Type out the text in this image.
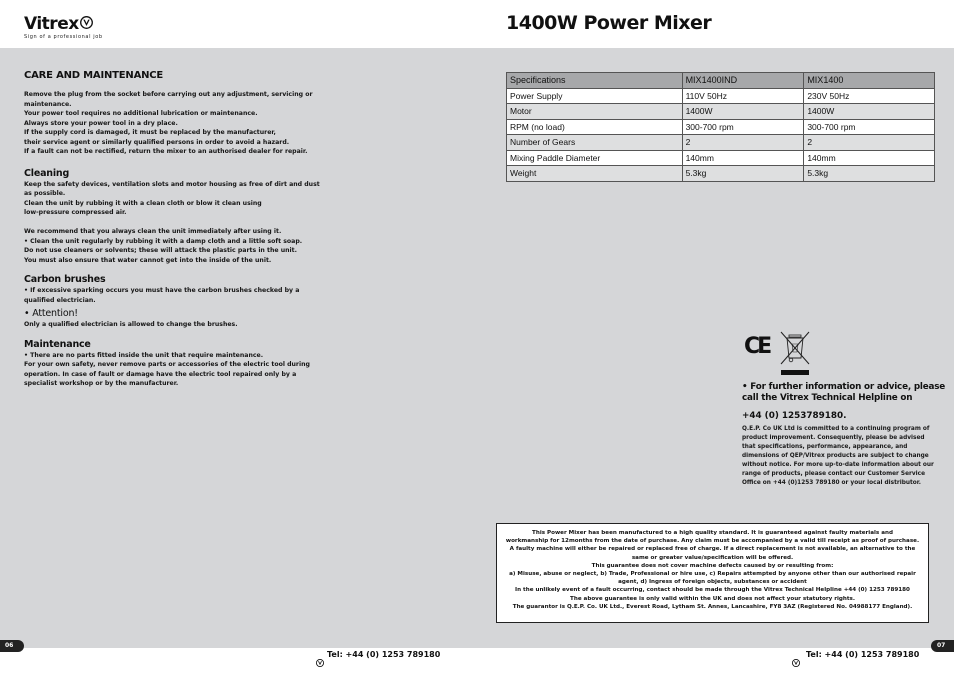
Vitrex
Sign of a professional job
1400W Power Mixer
CARE AND MAINTENANCE
Remove the plug from the socket before carrying out any adjustment, servicing or
maintenance.
Your power tool requires no additional lubrication or maintenance.
Always store your power tool in a dry place.
If the supply cord is damaged, it must be replaced by the manufacturer,
their service agent or similarly qualified persons in order to avoid a hazard.
If a fault can not be rectified, return the mixer to an authorised dealer for repair.
Cleaning
Keep the safety devices, ventilation slots and motor housing as free of dirt and dust
as possible.
Clean the unit by rubbing it with a clean cloth or blow it clean using
low-pressure compressed air.
We recommend that you always clean the unit immediately after using it.
• Clean the unit regularly by rubbing it with a damp cloth and a little soft soap.
Do not use cleaners or solvents; these will attack the plastic parts in the unit.
You must also ensure that water cannot get into the inside of the unit.
Carbon brushes
• If excessive sparking occurs you must have the carbon brushes checked by a
qualified electrician.
• Attention!
Only a qualified electrician is allowed to change the brushes.
Maintenance
• There are no parts fitted inside the unit that require maintenance.
For your own safety, never remove parts or accessories of the electric tool during
operation. In case of fault or damage have the electric tool repaired only by a
specialist workshop or by the manufacturer.
Specifications	MIX1400IND	MIX1400
Power Supply	110V 50Hz	230V 50Hz
Motor	1400W	1400W
RPM (no load)	300-700 rpm	300-700 rpm
Number of Gears	2	2
Mixing Paddle Diameter	140mm	140mm
Weight	5.3kg	5.3kg
CE
• For further information or advice, please call the Vitrex Technical Helpline on
+44 (0) 1253789180.
Q.E.P. Co UK Ltd is committed to a continuing program of product improvement. Consequently, please be advised that specifications, performance, appearance, and dimensions of QEP/Vitrex products are subject to change without notice. For more up-to-date information about our range of products, please contact our Customer Service Office on +44 (0)1253 789180 or your local distributor.
This Power Mixer has been manufactured to a high quality standard. It is guaranteed against faulty materials and
workmanship for 12months from the date of purchase. Any claim must be accompanied by a valid till receipt as proof of purchase.
A faulty machine will either be repaired or replaced free of charge. If a direct replacement is not available, an alternative to the
same or greater value/specification will be offered.
This guarantee does not cover machine defects caused by or resulting from:
a) Misuse, abuse or neglect, b) Trade, Professional or hire use, c) Repairs attempted by anyone other than our authorised repair
agent, d) Ingress of foreign objects, substances or accident
In the unlikely event of a fault occurring, contact should be made through the Vitrex Technical Helpline +44 (0) 1253 789180
The above guarantee is only valid within the UK and does not affect your statutory rights.
The guarantor is Q.E.P. Co. UK Ltd., Everest Road, Lytham St. Annes, Lancashire, FY8 3AZ (Registered No. 04988177 England).
06	07
Tel: +44 (0) 1253 789180	Tel: +44 (0) 1253 789180
